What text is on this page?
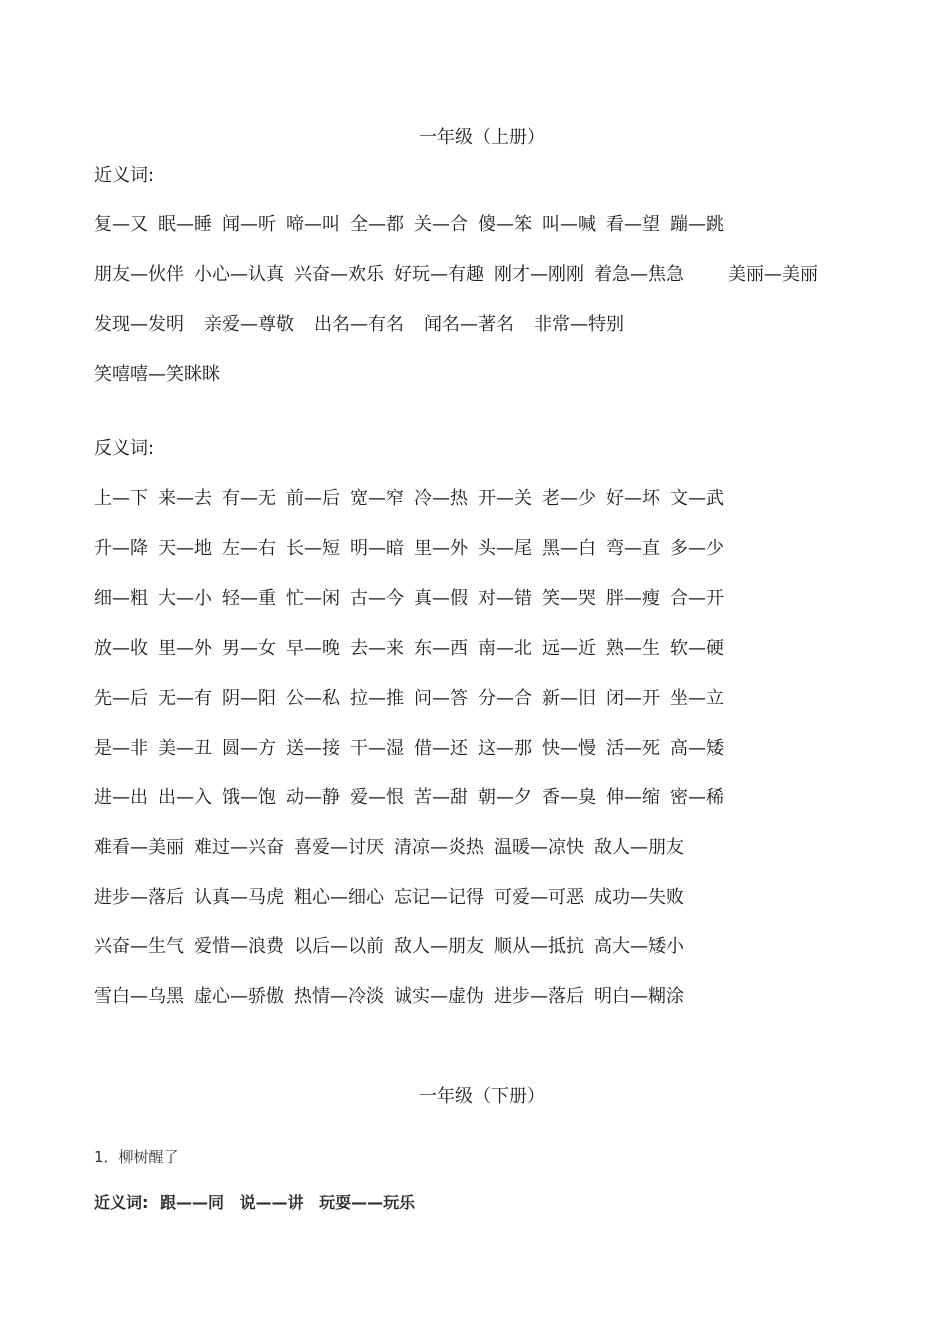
一年级（上册）
近义词:
复—又 眠—睡 闻—听 啼—叫 全—都 关—合 傻—笨 叫—喊 看—望 蹦—跳
朋友—伙伴 小心—认真 兴奋—欢乐 好玩—有趣 刚才—刚刚 着急—焦急 美丽—美丽
发现—发明 亲爱—尊敬 出名—有名 闻名—著名 非常—特别
笑嘻嘻—笑眯眯
反义词:
上—下 来—去 有—无 前—后 宽—窄 冷—热 开—关 老—少 好—坏 文—武
升—降 天—地 左—右 长—短 明—暗 里—外 头—尾 黑—白 弯—直 多—少
细—粗 大—小 轻—重 忙—闲 古—今 真—假 对—错 笑—哭 胖—瘦 合—开
放—收 里—外 男—女 早—晚 去—来 东—西 南—北 远—近 熟—生 软—硬
先—后 无—有 阴—阳 公—私 拉—推 问—答 分—合 新—旧 闭—开 坐—立
是—非 美—丑 圆—方 送—接 干—湿 借—还 这—那 快—慢 活—死 高—矮
进—出 出—入 饿—饱 动—静 爱—恨 苦—甜 朝—夕 香—臭 伸—缩 密—稀
难看—美丽 难过—兴奋 喜爱—讨厌 清凉—炎热 温暖—凉快 敌人—朋友
进步—落后 认真—马虎 粗心—细心 忘记—记得 可爱—可恶 成功—失败
兴奋—生气 爱惜—浪费 以后—以前 敌人—朋友 顺从—抵抗 高大—矮小
雪白—乌黑 虚心—骄傲 热情—冷淡 诚实—虚伪 进步—落后 明白—糊涂
一年级（下册）
1．柳树醒了
近义词: 跟——同 说——讲 玩耍——玩乐
